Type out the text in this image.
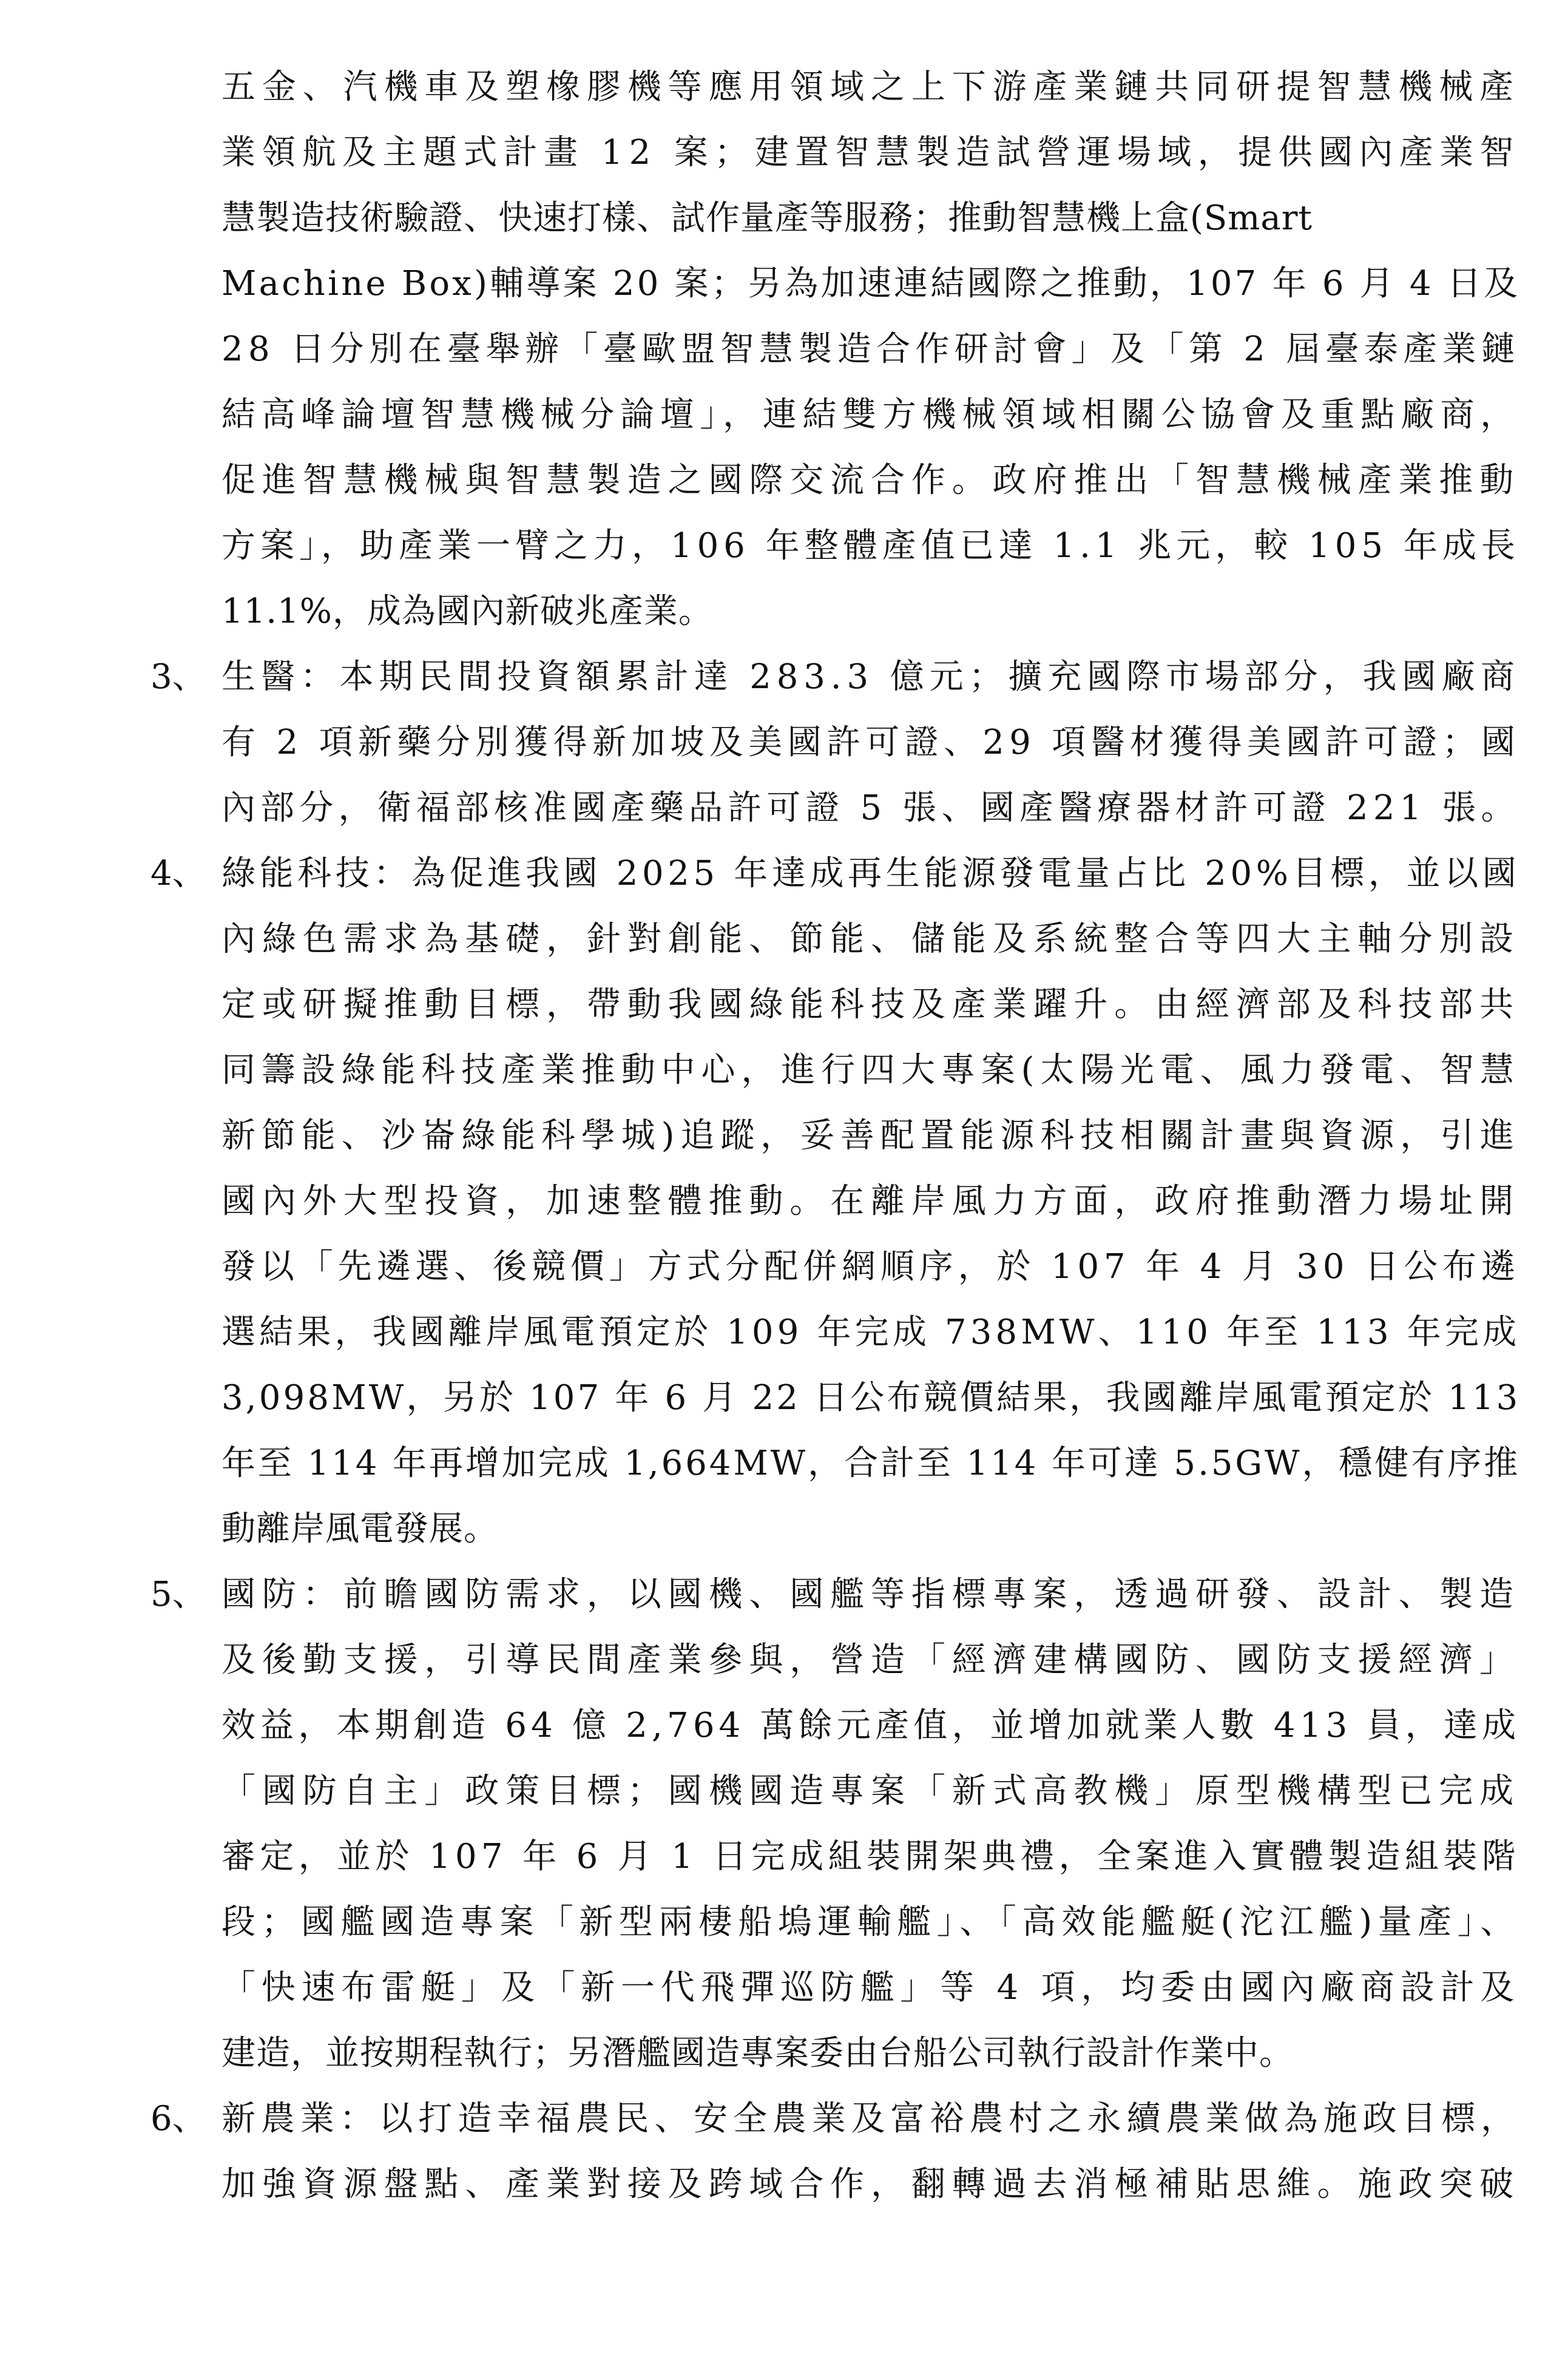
五金、汽機車及塑橡膠機等應用領域之上下游產業鏈共同研提智慧機械產
業領航及主題式計畫 12 案；建置智慧製造試營運場域，提供國內產業智
慧製造技術驗證、快速打樣、試作量產等服務；推動智慧機上盒(Smart
Machine Box)輔導案 20 案；另為加速連結國際之推動，107 年 6 月 4 日及
28 日分別在臺舉辦「臺歐盟智慧製造合作研討會」及「第 2 屆臺泰產業鏈
結高峰論壇智慧機械分論壇」，連結雙方機械領域相關公協會及重點廠商，
促進智慧機械與智慧製造之國際交流合作。政府推出「智慧機械產業推動
方案」，助產業一臂之力，106 年整體產值已達 1.1 兆元，較 105 年成長
11.1%，成為國內新破兆產業。
3、 生醫：本期民間投資額累計達 283.3 億元；擴充國際市場部分，我國廠商
有 2 項新藥分別獲得新加坡及美國許可證、29 項醫材獲得美國許可證；國
內部分，衛福部核准國產藥品許可證 5 張、國產醫療器材許可證 221 張。
4、 綠能科技：為促進我國 2025 年達成再生能源發電量占比 20%目標，並以國
內綠色需求為基礎，針對創能、節能、儲能及系統整合等四大主軸分別設
定或研擬推動目標，帶動我國綠能科技及產業躍升。由經濟部及科技部共
同籌設綠能科技產業推動中心，進行四大專案(太陽光電、風力發電、智慧
新節能、沙崙綠能科學城)追蹤，妥善配置能源科技相關計畫與資源，引進
國內外大型投資，加速整體推動。在離岸風力方面，政府推動潛力場址開
發以「先遴選、後競價」方式分配併網順序，於 107 年 4 月 30 日公布遴
選結果，我國離岸風電預定於 109 年完成 738MW、110 年至 113 年完成
3,098MW，另於 107 年 6 月 22 日公布競價結果，我國離岸風電預定於 113
年至 114 年再增加完成 1,664MW，合計至 114 年可達 5.5GW，穩健有序推
動離岸風電發展。
5、 國防：前瞻國防需求，以國機、國艦等指標專案，透過研發、設計、製造
及後勤支援，引導民間產業參與，營造「經濟建構國防、國防支援經濟」
效益，本期創造 64 億 2,764 萬餘元產值，並增加就業人數 413 員，達成
「國防自主」政策目標；國機國造專案「新式高教機」原型機構型已完成
審定，並於 107 年 6 月 1 日完成組裝開架典禮，全案進入實體製造組裝階
段；國艦國造專案「新型兩棲船塢運輸艦」、「高效能艦艇(沱江艦)量產」、
「快速布雷艇」及「新一代飛彈巡防艦」等 4 項，均委由國內廠商設計及
建造，並按期程執行；另潛艦國造專案委由台船公司執行設計作業中。
6、 新農業：以打造幸福農民、安全農業及富裕農村之永續農業做為施政目標，
加強資源盤點、產業對接及跨域合作，翻轉過去消極補貼思維。施政突破
